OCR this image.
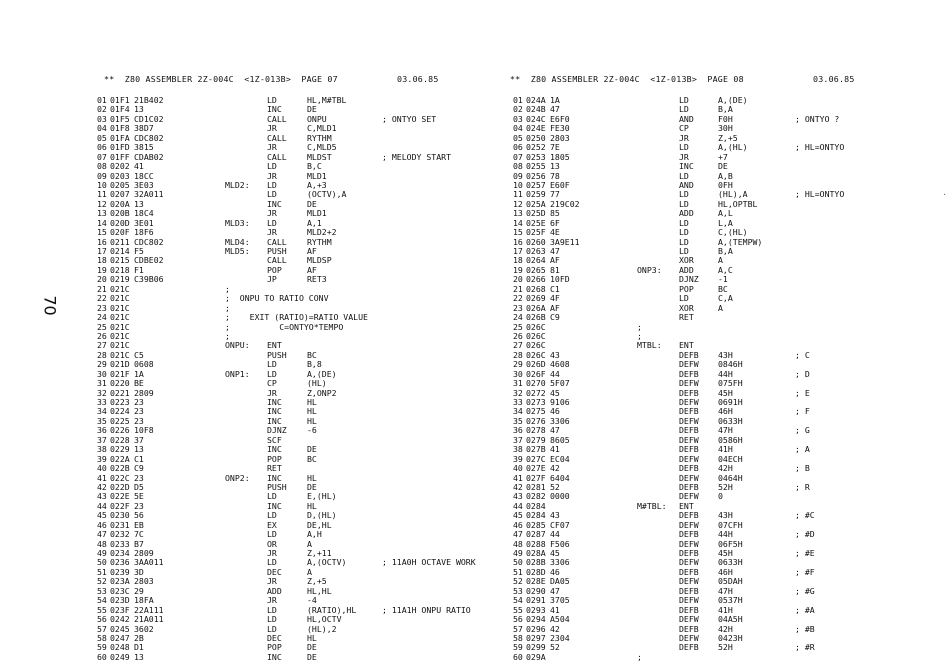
70
**  Z80 ASSEMBLER 2Z-004C  <1Z-013B>  PAGE 07	03.06.85	**  Z80 ASSEMBLER 2Z-004C  <1Z-013B>  PAGE 08	03.06.85
01 01F1 21B402	LD	HL,M#TBL
02 01F4 13	INC	DE
03 01F5 CD1C02	CALL ONPU	; ONTYO SET
04 01F8 38D7	JR	C,MLD1
05 01FA CDC802	CALL RYTHM
06 01FD 3815	JR	C,MLD5
07 01FF CDAB02	CALL MLDST	; MELODY START
08 0202 41	LD	B,C
09 0203 18CC	JR	MLD1
10 0205 3E03	MLD2: LD	A,+3
11 0207 32A011	LD	(OCTV),A
12 020A 13	INC	DE
13 020B 18C4	JR	MLD1
14 020D 3E01	MLD3: LD	A,1
15 020F 18F6	JR	MLD2+2
16 0211 CDC802	MLD4: CALL RYTHM
17 0214 F5	MLD5: PUSH AF
18 0215 CDBE02	CALL MLDSP
19 0218 F1	POP	AF
20 0219 C39B06	JP	RET3
21 021C	;
22 021C	;  ONPU TO RATIO CONV
23 021C	;
24 021C	;    EXIT (RATIO)=RATIO VALUE
25 021C	;          C=ONTYO*TEMPO
26 021C	;
27 021C	ONPU: ENT
28 021C C5	PUSH BC
29 021D 0608	LD	B,8
30 021F 1A	ONP1: LD	A,(DE)
31 0220 BE	CP	(HL)
32 0221 2809	JR	Z,ONP2
33 0223 23	INC	HL
34 0224 23	INC	HL
35 0225 23	INC	HL
36 0226 10F8	DJNZ -6
37 0228 37	SCF
38 0229 13	INC	DE
39 022A C1	POP	BC
40 022B C9	RET
41 022C 23	ONP2: INC	HL
42 022D D5	PUSH DE
43 022E 5E	LD	E,(HL)
44 022F 23	INC	HL
45 0230 56	LD	D,(HL)
46 0231 EB	EX	DE,HL
47 0232 7C	LD	A,H
48 0233 B7	OR	A
49 0234 2809	JR	Z,+11
50 0236 3AA011	LD	A,(OCTV)	; 11A0H OCTAVE WORK
51 0239 3D	DEC	A
52 023A 2803	JR	Z,+5
53 023C 29	ADD	HL,HL
54 023D 18FA	JR	-4
55 023F 22A111	LD	(RATIO),HL	; 11A1H ONPU RATIO
56 0242 21A011	LD	HL,OCTV
57 0245 3602	LD	(HL),2
58 0247 2B	DEC	HL
59 0248 D1	POP	DE
60 0249 13	INC	DE
01 024A 1A	LD	A,(DE)
02 024B 47	LD	B,A
03 024C E6F0	AND	F0H	; ONTYO ?
04 024E FE30	CP	30H
05 0250 2803	JR	Z,+5
06 0252 7E	LD	A,(HL)	; HL=ONTYO
07 0253 1805	JR	+7
08 0255 13	INC	DE
09 0256 78	LD	A,B
10 0257 E60F	AND	0FH
11 0259 77	LD	(HL),A	; HL=ONTYO
12 025A 219C02	LD	HL,OPTBL
13 025D 85	ADD	A,L
14 025E 6F	LD	L,A
15 025F 4E	LD	C,(HL)
16 0260 3A9E11	LD	A,(TEMPW)
17 0263 47	LD	B,A
18 0264 AF	XOR	A
19 0265 81	ONP3: ADD	A,C
20 0266 10FD	DJNZ -1
21 0268 C1	POP	BC
22 0269 4F	LD	C,A
23 026A AF	XOR	A
24 026B C9	RET
25 026C	;
26 026C	;
27 026C	MTBL: ENT
28 026C 43	DEFB 43H	; C
29 026D 4608	DEFW 0846H
30 026F 44	DEFB 44H	; D
31 0270 5F07	DEFW 075FH
32 0272 45	DEFB 45H	; E
33 0273 9106	DEFW 0691H
34 0275 46	DEFB 46H	; F
35 0276 3306	DEFW 0633H
36 0278 47	DEFB 47H	; G
37 0279 8605	DEFW 0586H
38 027B 41	DEFB 41H	; A
39 027C EC04	DEFW 04ECH
40 027E 42	DEFB 42H	; B
41 027F 6404	DEFW 0464H
42 0281 52	DEFB 52H	; R
43 0282 0000	DEFW 0
44 0284	M#TBL: ENT
45 0284 43	DEFB 43H	; #C
46 0285 CF07	DEFW 07CFH
47 0287 44	DEFB 44H	; #D
48 0288 F506	DEFW 06F5H
49 028A 45	DEFB 45H	; #E
50 028B 3306	DEFW 0633H
51 028D 46	DEFB 46H	; #F
52 028E DA05	DEFW 05DAH
53 0290 47	DEFB 47H	; #G
54 0291 3705	DEFW 0537H
55 0293 41	DEFB 41H	; #A
56 0294 A504	DEFW 04A5H
57 0296 42	DEFB 42H	; #B
58 0297 2304	DEFW 0423H
59 0299 52	DEFB 52H	; #R
60 029A	;
·
